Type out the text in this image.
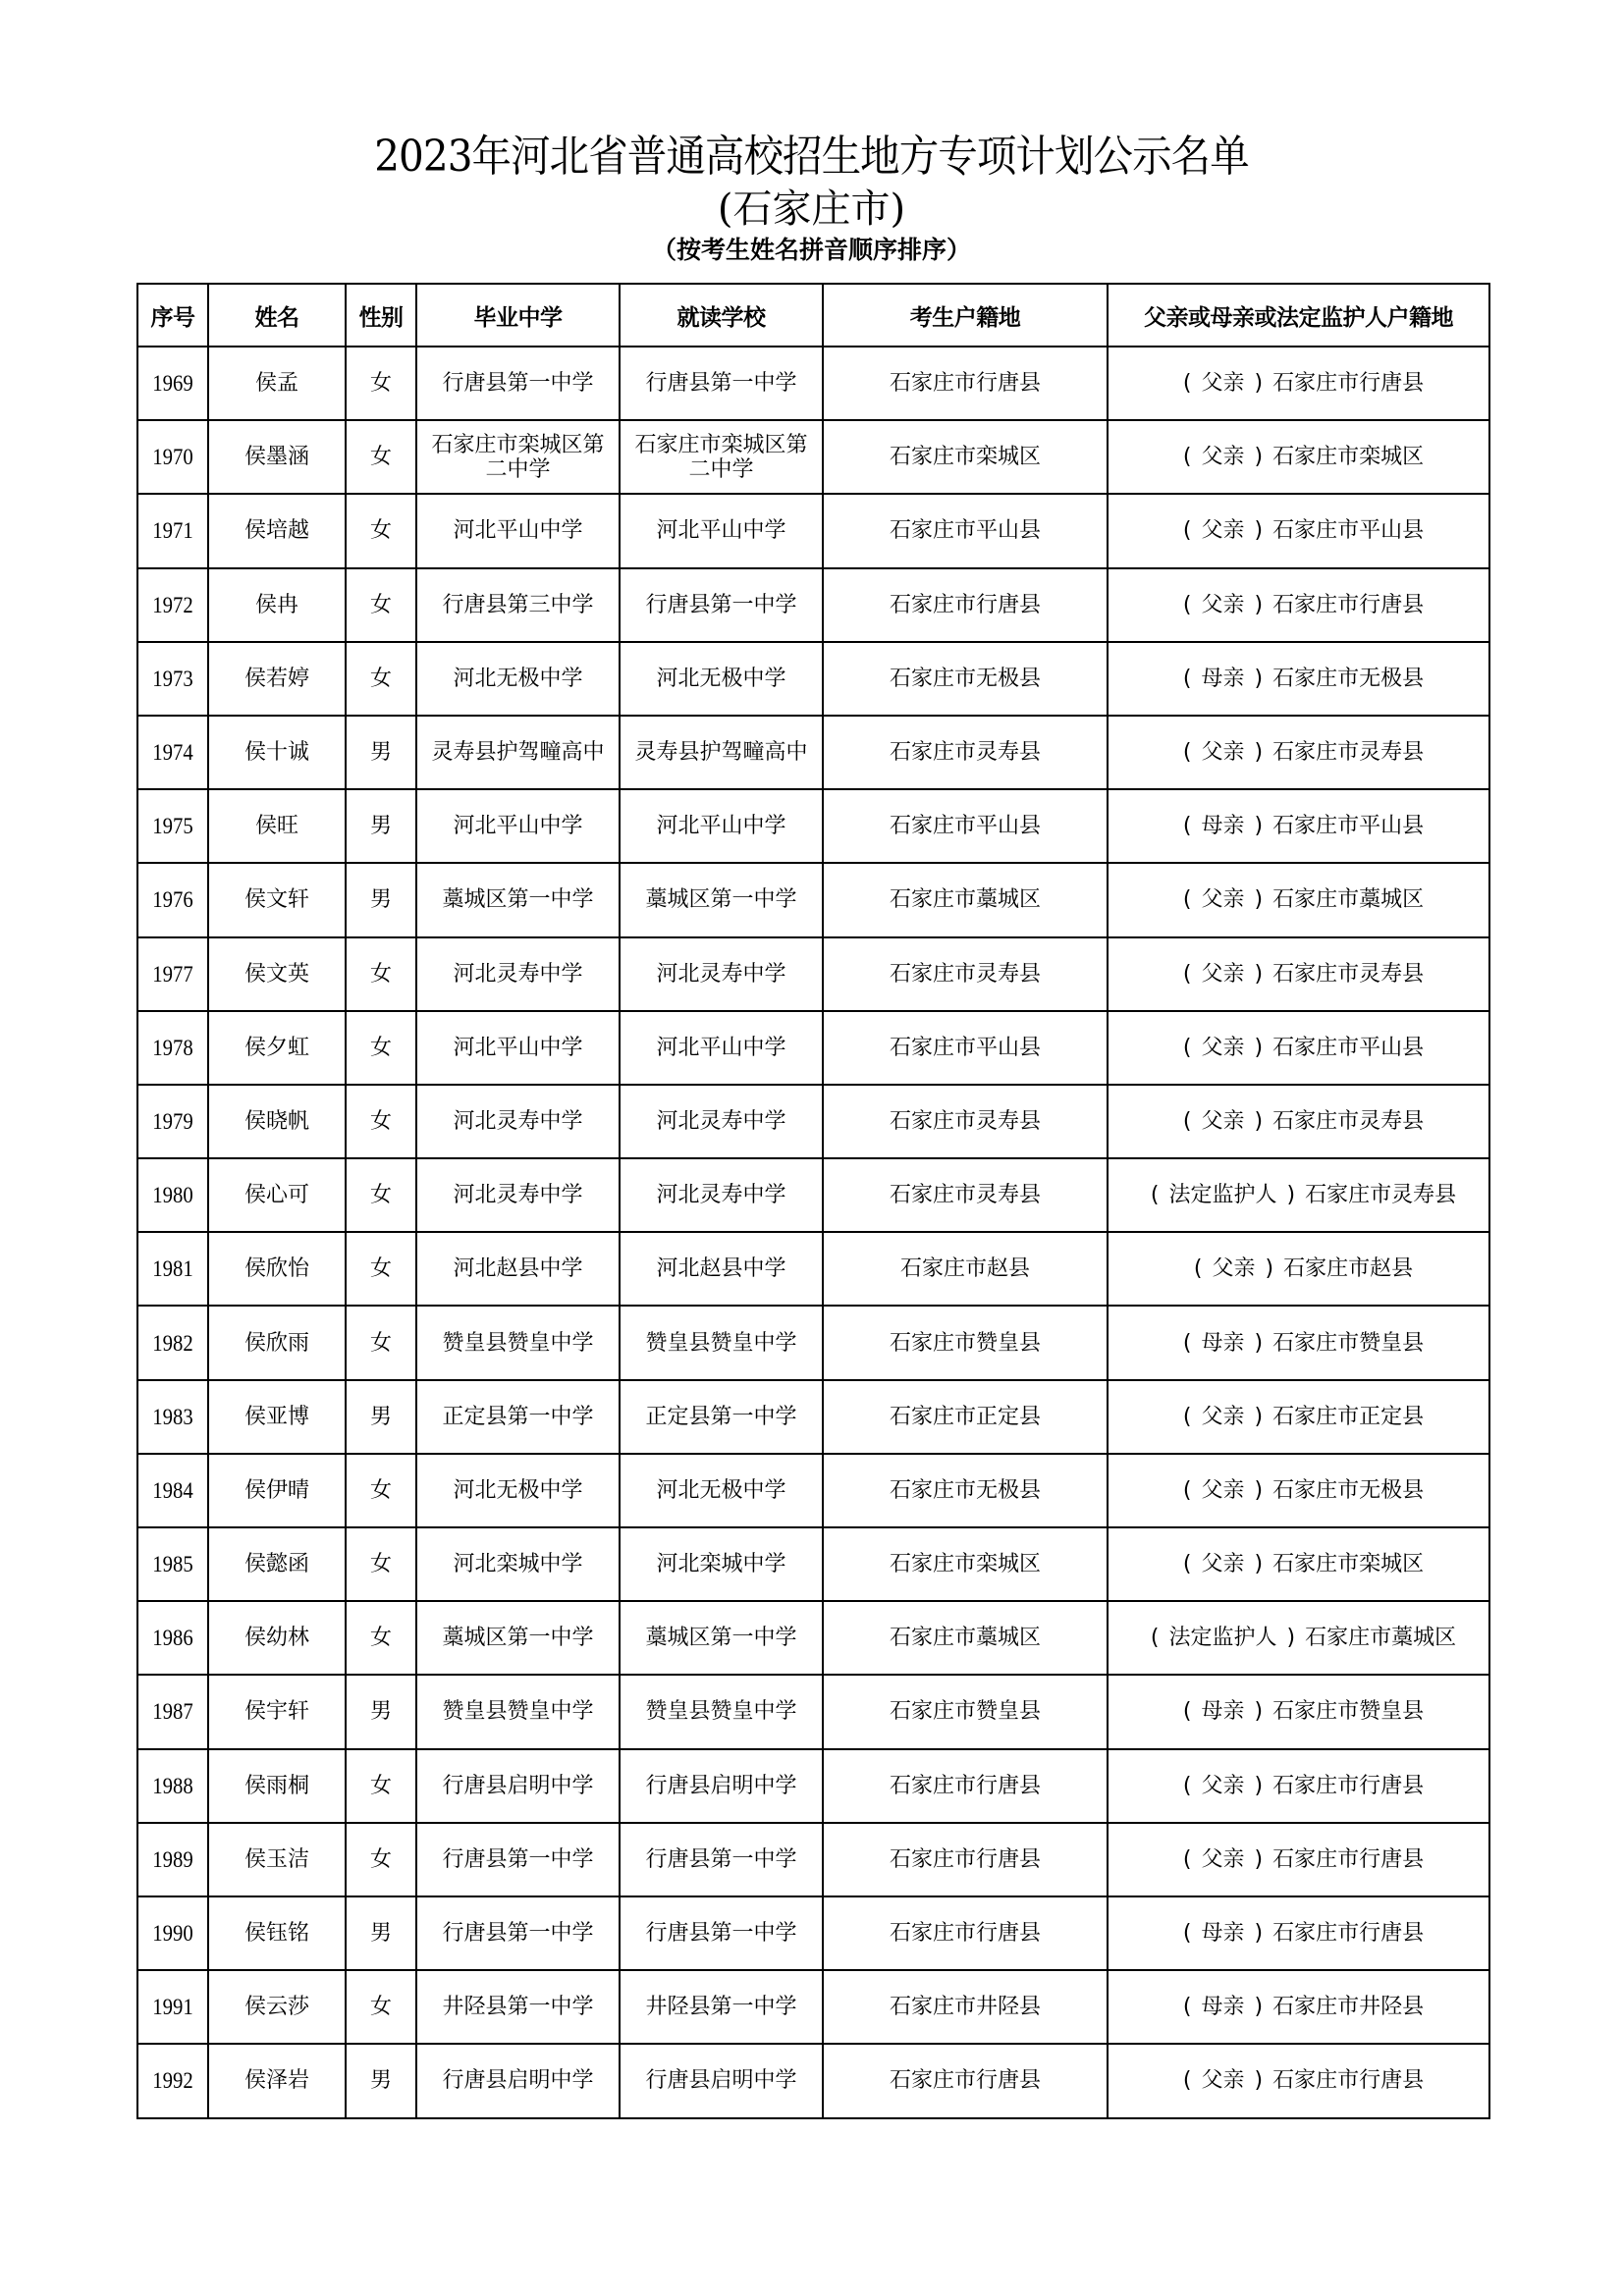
2023年河北省普通高校招生地方专项计划公示名单
(石家庄市)
（按考生姓名拼音顺序排序）
序号	姓名	性别	毕业中学	就读学校	考生户籍地	父亲或母亲或法定监护人户籍地
1969	侯孟	女	行唐县第一中学	行唐县第一中学	石家庄市行唐县	( 父亲 ) 石家庄市行唐县
1970	侯墨涵	女	石家庄市栾城区第二中学	石家庄市栾城区第二中学	石家庄市栾城区	( 父亲 ) 石家庄市栾城区
1971	侯培越	女	河北平山中学	河北平山中学	石家庄市平山县	( 父亲 ) 石家庄市平山县
1972	侯冉	女	行唐县第三中学	行唐县第一中学	石家庄市行唐县	( 父亲 ) 石家庄市行唐县
1973	侯若婷	女	河北无极中学	河北无极中学	石家庄市无极县	( 母亲 ) 石家庄市无极县
1974	侯十诚	男	灵寿县护驾疃高中	灵寿县护驾疃高中	石家庄市灵寿县	( 父亲 ) 石家庄市灵寿县
1975	侯旺	男	河北平山中学	河北平山中学	石家庄市平山县	( 母亲 ) 石家庄市平山县
1976	侯文轩	男	藁城区第一中学	藁城区第一中学	石家庄市藁城区	( 父亲 ) 石家庄市藁城区
1977	侯文英	女	河北灵寿中学	河北灵寿中学	石家庄市灵寿县	( 父亲 ) 石家庄市灵寿县
1978	侯夕虹	女	河北平山中学	河北平山中学	石家庄市平山县	( 父亲 ) 石家庄市平山县
1979	侯晓帆	女	河北灵寿中学	河北灵寿中学	石家庄市灵寿县	( 父亲 ) 石家庄市灵寿县
1980	侯心可	女	河北灵寿中学	河北灵寿中学	石家庄市灵寿县	( 法定监护人 ) 石家庄市灵寿县
1981	侯欣怡	女	河北赵县中学	河北赵县中学	石家庄市赵县	( 父亲 ) 石家庄市赵县
1982	侯欣雨	女	赞皇县赞皇中学	赞皇县赞皇中学	石家庄市赞皇县	( 母亲 ) 石家庄市赞皇县
1983	侯亚博	男	正定县第一中学	正定县第一中学	石家庄市正定县	( 父亲 ) 石家庄市正定县
1984	侯伊晴	女	河北无极中学	河北无极中学	石家庄市无极县	( 父亲 ) 石家庄市无极县
1985	侯懿函	女	河北栾城中学	河北栾城中学	石家庄市栾城区	( 父亲 ) 石家庄市栾城区
1986	侯幼林	女	藁城区第一中学	藁城区第一中学	石家庄市藁城区	( 法定监护人 ) 石家庄市藁城区
1987	侯宇轩	男	赞皇县赞皇中学	赞皇县赞皇中学	石家庄市赞皇县	( 母亲 ) 石家庄市赞皇县
1988	侯雨桐	女	行唐县启明中学	行唐县启明中学	石家庄市行唐县	( 父亲 ) 石家庄市行唐县
1989	侯玉洁	女	行唐县第一中学	行唐县第一中学	石家庄市行唐县	( 父亲 ) 石家庄市行唐县
1990	侯钰铭	男	行唐县第一中学	行唐县第一中学	石家庄市行唐县	( 母亲 ) 石家庄市行唐县
1991	侯云莎	女	井陉县第一中学	井陉县第一中学	石家庄市井陉县	( 母亲 ) 石家庄市井陉县
1992	侯泽岩	男	行唐县启明中学	行唐县启明中学	石家庄市行唐县	( 父亲 ) 石家庄市行唐县
